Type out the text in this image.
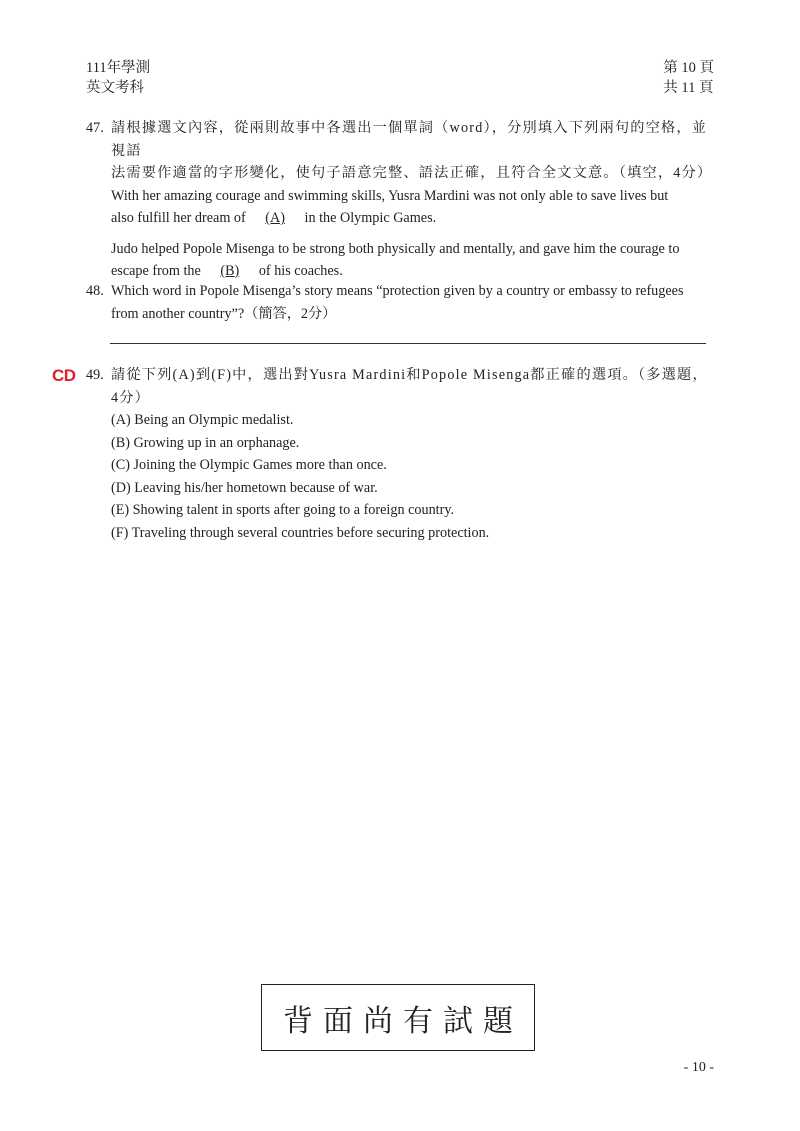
111年學測
英文考科
第 10 頁
共 11 頁
47. 請根據選文內容，從兩則故事中各選出一個單詞（word），分別填入下列兩句的空格，並視語

法需要作適當的字形變化，使句子語意完整、語法正確，且符合全文文意。（填空，4分）

With her amazing courage and swimming skills, Yusra Mardini was not only able to save lives but

also fulfill her dream of (A) in the Olympic Games.

Judo helped Popole Misenga to be strong both physically and mentally, and gave him the courage to

escape from the (B) of his coaches.

48. Which word in Popole Misenga’s story means “protection given by a country or embassy to refugees

from another country”?（簡答，2分）

CD 49. 請從下列(A)到(F)中，選出對Yusra Mardini和Popole Misenga都正確的選項。（多選題，4分）

(A) Being an Olympic medalist.

(B) Growing up in an orphanage.

(C) Joining the Olympic Games more than once.

(D) Leaving his/her hometown because of war.

(E) Showing talent in sports after going to a foreign country.

(F) Traveling through several countries before securing protection.

背面尚有試題
- 10 -
